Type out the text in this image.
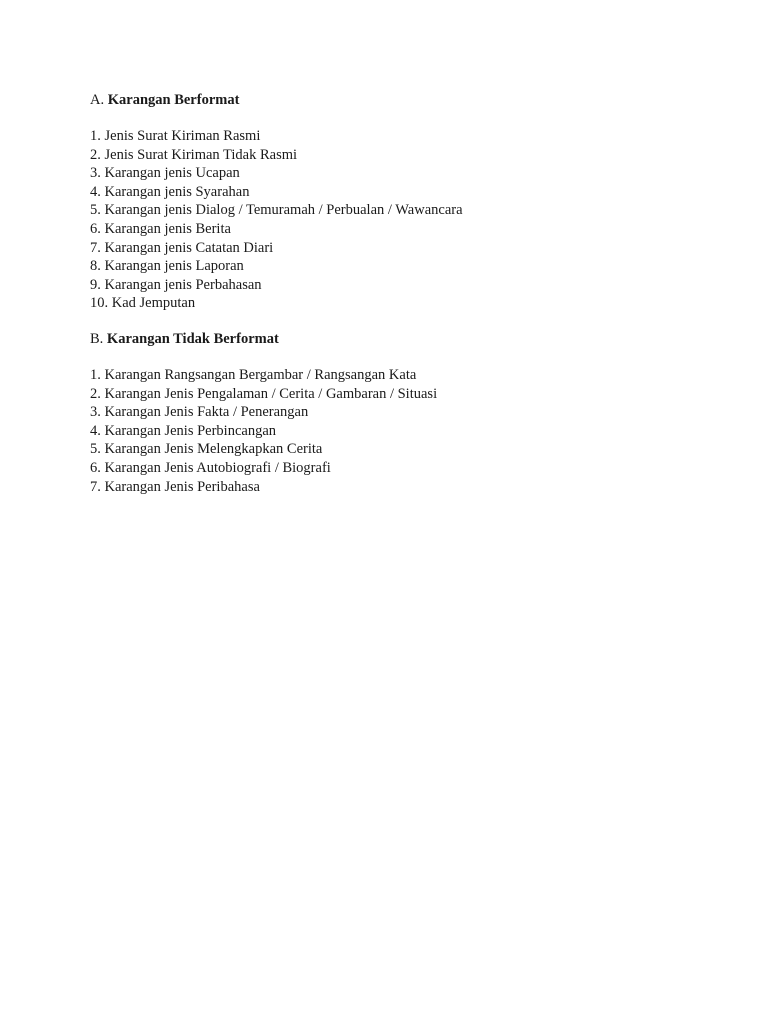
A. Karangan Berformat
1. Jenis Surat Kiriman Rasmi
2. Jenis Surat Kiriman Tidak Rasmi
3. Karangan jenis Ucapan
4. Karangan jenis Syarahan
5. Karangan jenis Dialog / Temuramah / Perbualan / Wawancara
6. Karangan jenis Berita
7. Karangan jenis Catatan Diari
8. Karangan jenis Laporan
9. Karangan jenis Perbahasan
10. Kad Jemputan
B. Karangan Tidak Berformat
1. Karangan Rangsangan Bergambar / Rangsangan Kata
2. Karangan Jenis Pengalaman / Cerita / Gambaran / Situasi
3. Karangan Jenis Fakta / Penerangan
4. Karangan Jenis Perbincangan
5. Karangan Jenis Melengkapkan Cerita
6. Karangan Jenis Autobiografi / Biografi
7. Karangan Jenis Peribahasa
